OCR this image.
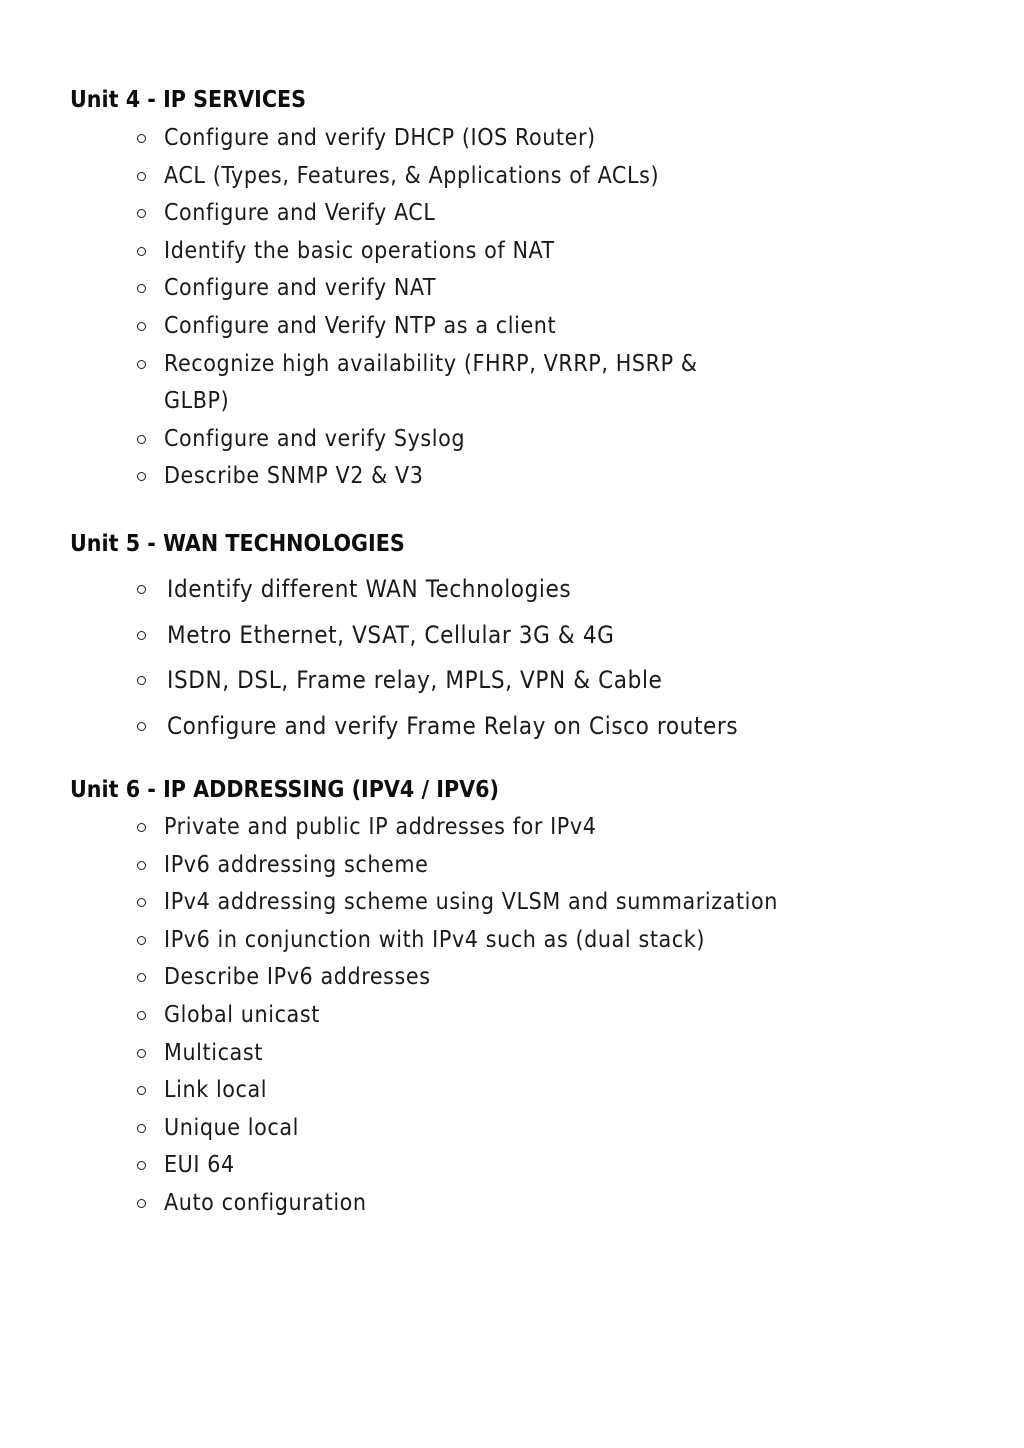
Unit 4 - IP SERVICES
Configure and verify DHCP (IOS Router)
ACL (Types, Features, & Applications of ACLs)
Configure and Verify ACL
Identify the basic operations of NAT
Configure and verify NAT
Configure and Verify NTP as a client
Recognize high availability (FHRP, VRRP, HSRP & GLBP)
Configure and verify Syslog
Describe SNMP V2 & V3
Unit 5 - WAN TECHNOLOGIES
Identify different WAN Technologies
Metro Ethernet, VSAT, Cellular 3G & 4G
ISDN, DSL, Frame relay, MPLS, VPN & Cable
Configure and verify Frame Relay on Cisco routers
Unit 6 - IP ADDRESSING (IPV4 / IPV6)
Private and public IP addresses for IPv4
IPv6 addressing scheme
IPv4 addressing scheme using VLSM and summarization
IPv6 in conjunction with IPv4 such as (dual stack)
Describe IPv6 addresses
Global unicast
Multicast
Link local
Unique local
EUI 64
Auto configuration
